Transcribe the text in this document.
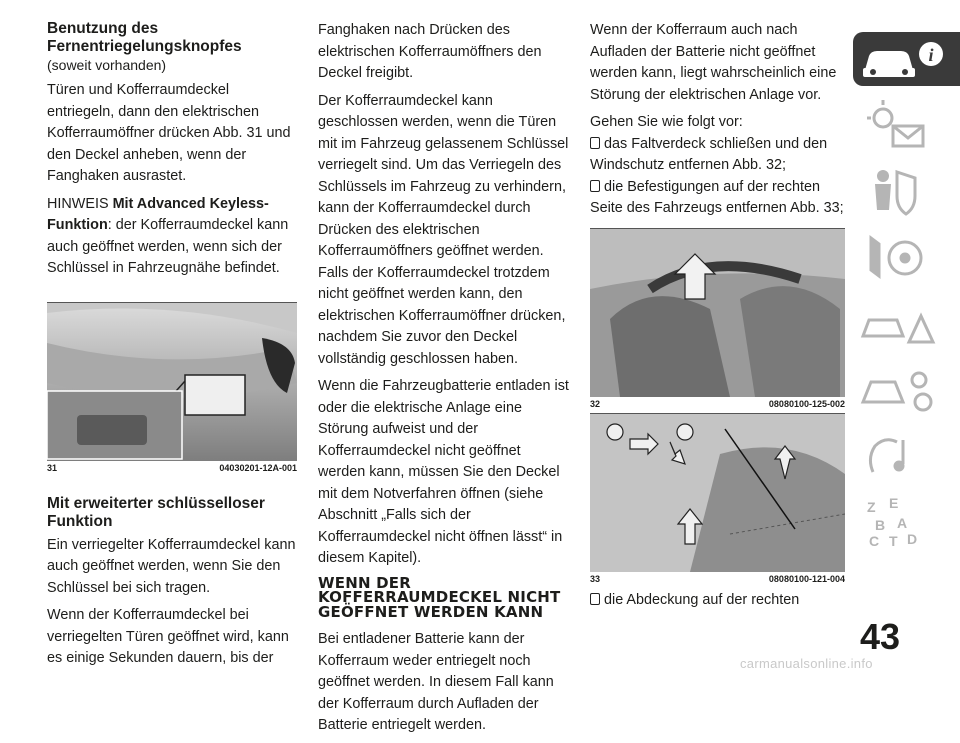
Benutzung des Fernentriegelungsknopfes
(soweit vorhanden)

Türen und Kofferraumdeckel entriegeln, dann den elektrischen Kofferraumöffner drücken Abb. 31 und den Deckel anheben, wenn der Fanghaken ausrastet.

HINWEIS Mit Advanced Keyless-Funktion: der Kofferraumdeckel kann auch geöffnet werden, wenn sich der Schlüssel in Fahrzeugnähe befindet.

31	04030201-12A-001
Mit erweiterter schlüsselloser Funktion

Ein verriegelter Kofferraumdeckel kann auch geöffnet werden, wenn Sie den Schlüssel bei sich tragen.

Wenn der Kofferraumdeckel bei verriegelten Türen geöffnet wird, kann es einige Sekunden dauern, bis der

Fanghaken nach Drücken des elektrischen Kofferraumöffners den Deckel freigibt.

Der Kofferraumdeckel kann geschlossen werden, wenn die Türen mit im Fahrzeug gelassenem Schlüssel verriegelt sind. Um das Verriegeln des Schlüssels im Fahrzeug zu verhindern, kann der Kofferraumdeckel durch Drücken des elektrischen Kofferraumöffners geöffnet werden. Falls der Kofferraumdeckel trotzdem nicht geöffnet werden kann, den elektrischen Kofferraumöffner drücken, nachdem Sie zuvor den Deckel vollständig geschlossen haben.

Wenn die Fahrzeugbatterie entladen ist oder die elektrische Anlage eine Störung aufweist und der Kofferraumdeckel nicht geöffnet werden kann, müssen Sie den Deckel mit dem Notverfahren öffnen (siehe Abschnitt „Falls sich der Kofferraumdeckel nicht öffnen lässt“ in diesem Kapitel).

WENN DER KOFFERRAUMDECKEL NICHT GEÖFFNET WERDEN KANN

Bei entladener Batterie kann der Kofferraum weder entriegelt noch geöffnet werden. In diesem Fall kann der Kofferraum durch Aufladen der Batterie entriegelt werden.

Wenn der Kofferraum auch nach Aufladen der Batterie nicht geöffnet werden kann, liegt wahrscheinlich eine Störung der elektrischen Anlage vor.

Gehen Sie wie folgt vor:

das Faltverdeck schließen und den Windschutz entfernen Abb. 32;

die Befestigungen auf der rechten Seite des Fahrzeugs entfernen Abb. 33;

32	08080100-125-002
33	08080100-121-004

die Abdeckung auf der rechten

i
Z E
B A
C T D
43
carmanualsonline.info
